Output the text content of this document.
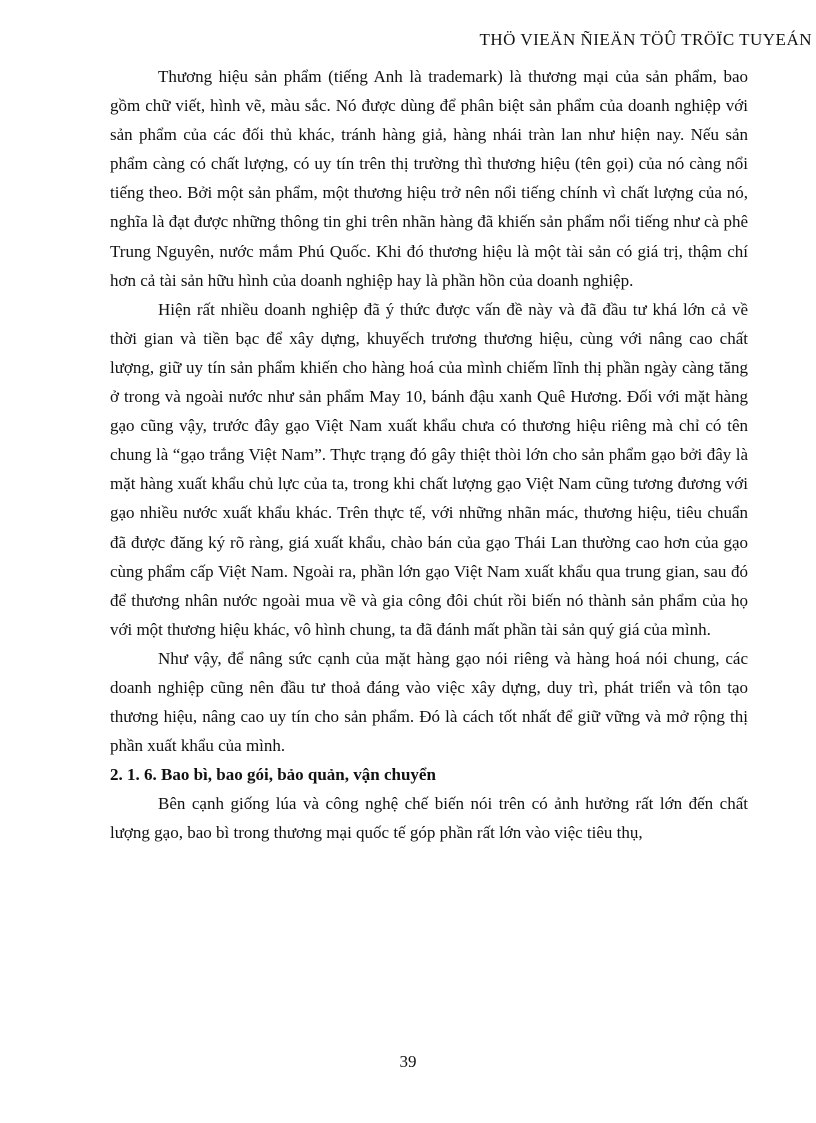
THÖ VIEÄN ÑIEÄN TÖÛ TRÖÏC TUYEÁN

Thương hiệu sản phẩm (tiếng Anh là trademark) là thương mại của sản phẩm, bao gồm chữ viết, hình vẽ, màu sắc. Nó được dùng để phân biệt sản phẩm của doanh nghiệp với sản phẩm của các đối thủ khác, tránh hàng giả, hàng nhái tràn lan như hiện nay. Nếu sản phẩm càng có chất lượng, có uy tín trên thị trường thì thương hiệu (tên gọi) của nó càng nổi tiếng theo. Bởi một sản phẩm, một thương hiệu trở nên nổi tiếng chính vì chất lượng của nó, nghĩa là đạt được những thông tin ghi trên nhãn hàng đã khiến sản phẩm nổi tiếng như cà phê Trung Nguyên, nước mắm Phú Quốc. Khi đó thương hiệu là một tài sản có giá trị, thậm chí hơn cả tài sản hữu hình của doanh nghiệp hay là phần hồn của doanh nghiệp.

Hiện rất nhiều doanh nghiệp đã ý thức được vấn đề này và đã đầu tư khá lớn cả về thời gian và tiền bạc để xây dựng, khuyếch trương thương hiệu, cùng với nâng cao chất lượng, giữ uy tín sản phẩm khiến cho hàng hoá của mình chiếm lĩnh thị phần ngày càng tăng ở trong và ngoài nước như sản phẩm May 10, bánh đậu xanh Quê Hương. Đối với mặt hàng gạo cũng vậy, trước đây gạo Việt Nam xuất khẩu chưa có thương hiệu riêng mà chỉ có tên chung là “gạo trắng Việt Nam”. Thực trạng đó gây thiệt thòi lớn cho sản phẩm gạo bởi đây là mặt hàng xuất khẩu chủ lực của ta, trong khi chất lượng gạo Việt Nam cũng tương đương với gạo nhiều nước xuất khẩu khác. Trên thực tế, với những nhãn mác, thương hiệu, tiêu chuẩn đã được đăng ký rõ ràng, giá xuất khẩu, chào bán của gạo Thái Lan thường cao hơn của gạo cùng phẩm cấp Việt Nam. Ngoài ra, phần lớn gạo Việt Nam xuất khẩu qua trung gian, sau đó để thương nhân nước ngoài mua về và gia công đôi chút rồi biến nó thành sản phẩm của họ với một thương hiệu khác, vô hình chung, ta đã đánh mất phần tài sản quý giá của mình.

Như vậy, để nâng sức cạnh của mặt hàng gạo nói riêng và hàng hoá nói chung, các doanh nghiệp cũng nên đầu tư thoả đáng vào việc xây dựng, duy trì, phát triển và tôn tạo thương hiệu, nâng cao uy tín cho sản phẩm. Đó là cách tốt nhất để giữ vững và mở rộng thị phần xuất khẩu của mình.

2. 1. 6. Bao bì, bao gói, bảo quản, vận chuyển

Bên cạnh giống lúa và công nghệ chế biến nói trên có ảnh hưởng rất lớn đến chất lượng gạo, bao bì trong thương mại quốc tế góp phần rất lớn vào việc tiêu thụ,

39
